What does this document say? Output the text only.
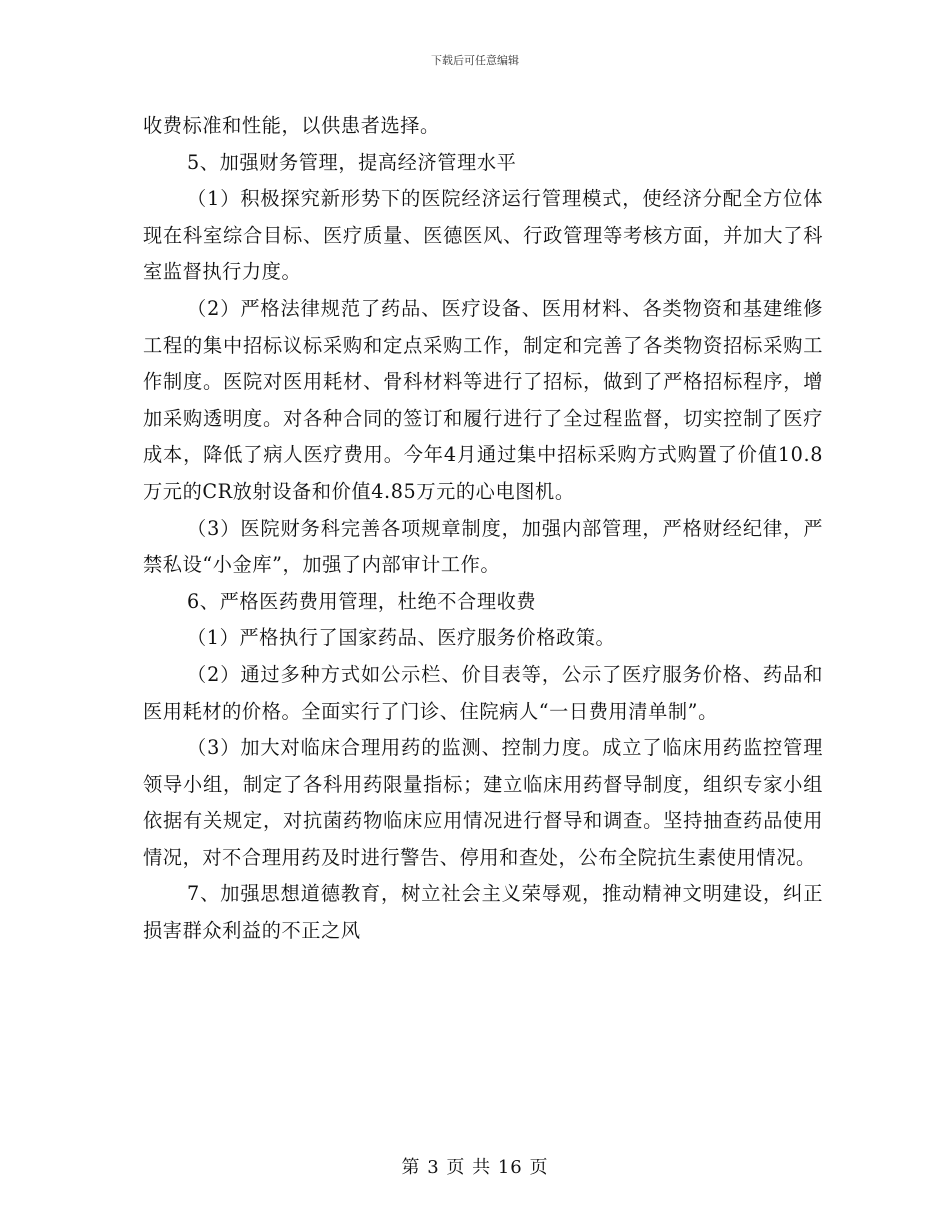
下载后可任意编辑

收费标准和性能，以供患者选择。

5、加强财务管理，提高经济管理水平

（1）积极探究新形势下的医院经济运行管理模式，使经济分配全方位体现在科室综合目标、医疗质量、医德医风、行政管理等考核方面，并加大了科室监督执行力度。

（2）严格法律规范了药品、医疗设备、医用材料、各类物资和基建维修工程的集中招标议标采购和定点采购工作，制定和完善了各类物资招标采购工作制度。医院对医用耗材、骨科材料等进行了招标，做到了严格招标程序，增加采购透明度。对各种合同的签订和履行进行了全过程监督，切实控制了医疗成本，降低了病人医疗费用。今年4月通过集中招标采购方式购置了价值10.8万元的CR放射设备和价值4.85万元的心电图机。

（3）医院财务科完善各项规章制度，加强内部管理，严格财经纪律，严禁私设“小金库”，加强了内部审计工作。

6、严格医药费用管理，杜绝不合理收费

（1）严格执行了国家药品、医疗服务价格政策。

（2）通过多种方式如公示栏、价目表等，公示了医疗服务价格、药品和医用耗材的价格。全面实行了门诊、住院病人“一日费用清单制”。

（3）加大对临床合理用药的监测、控制力度。成立了临床用药监控管理领导小组，制定了各科用药限量指标；建立临床用药督导制度，组织专家小组依据有关规定，对抗菌药物临床应用情况进行督导和调查。坚持抽查药品使用情况，对不合理用药及时进行警告、停用和查处，公布全院抗生素使用情况。

7、加强思想道德教育，树立社会主义荣辱观，推动精神文明建设，纠正损害群众利益的不正之风

第 3 页 共 16 页
